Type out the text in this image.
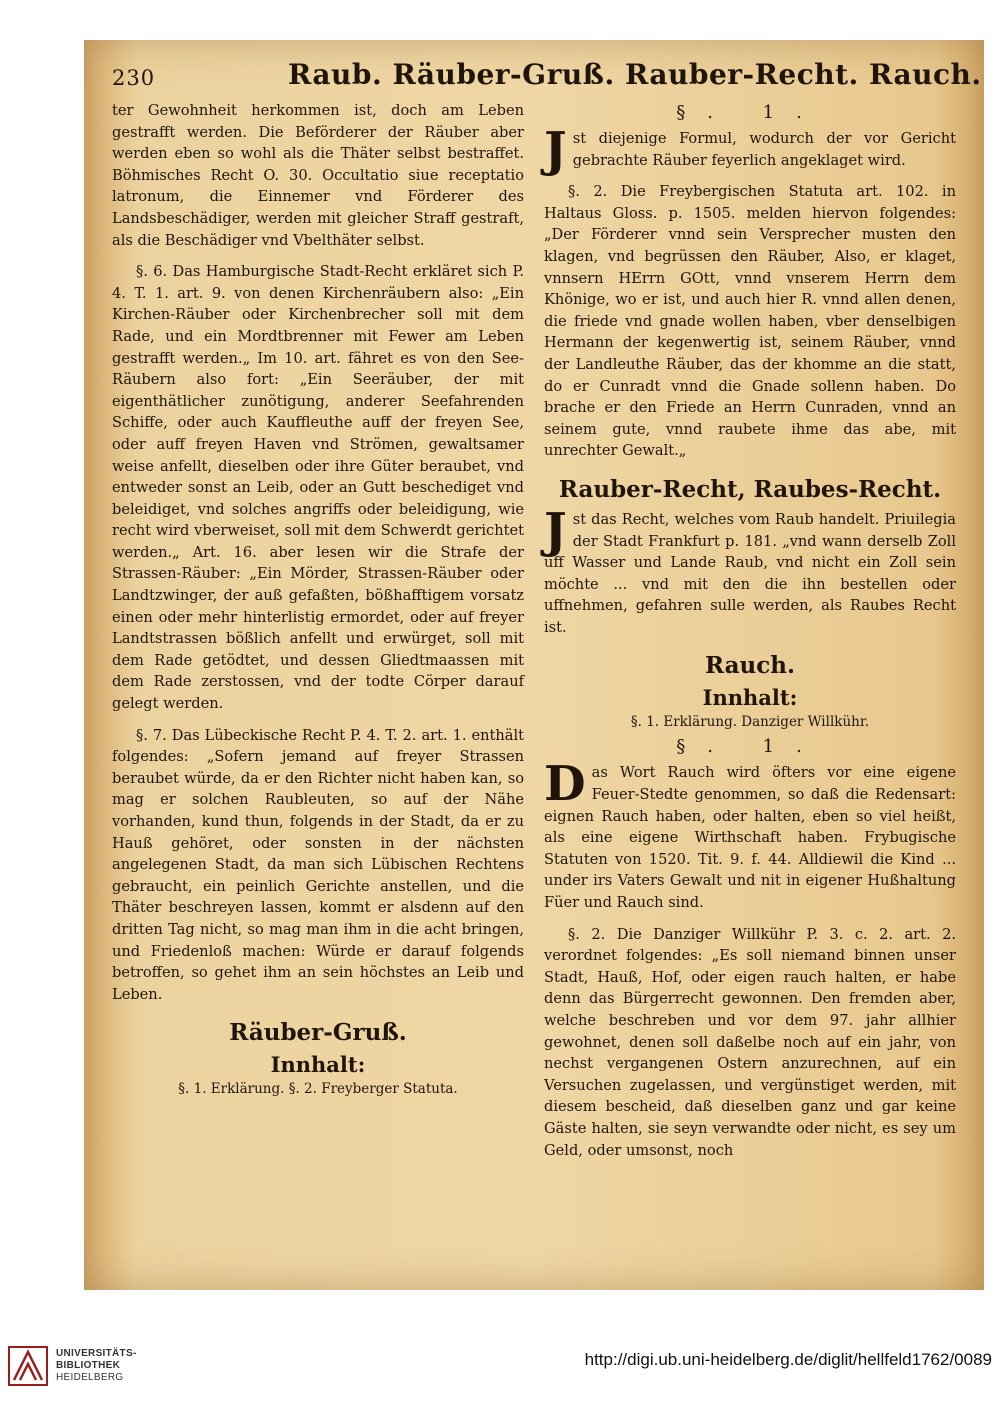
230	Raub. Räuber-Gruß. Rauber-Recht. Rauch.

ter Gewohnheit herkommen ist, doch am Leben gestrafft werden. Die Beförderer der Räuber aber werden eben so wohl als die Thäter selbst bestraffet. Böhmisches Recht O. 30. Occultatio siue receptatio latronum, die Einnemer vnd Förderer des Landsbeschädiger, werden mit gleicher Straff gestraft, als die Beschädiger vnd Vbelthäter selbst.

§. 6. Das Hamburgische Stadt-Recht erkläret sich P. 4. T. 1. art. 9. von denen Kirchenräubern also: „Ein Kirchen-Räuber oder Kirchenbrecher soll mit dem Rade, und ein Mordtbrenner mit Fewer am Leben gestrafft werden.„ Im 10. art. fähret es von den See-Räubern also fort: „Ein Seeräuber, der mit eigenthätlicher zunötigung, anderer Seefahrenden Schiffe, oder auch Kauffleuthe auff der freyen See, oder auff freyen Haven vnd Strömen, gewaltsamer weise anfellt, dieselben oder ihre Güter beraubet, vnd entweder sonst an Leib, oder an Gutt beschediget vnd beleidiget, vnd solches angriffs oder beleidigung, wie recht wird vberweiset, soll mit dem Schwerdt gerichtet werden.„ Art. 16. aber lesen wir die Strafe der Strassen-Räuber: „Ein Mörder, Strassen-Räuber oder Landtzwinger, der auß gefaßten, bößhafftigem vorsatz einen oder mehr hinterlistig ermordet, oder auf freyer Landtstrassen bößlich anfellt und erwürget, soll mit dem Rade getödtet, und dessen Gliedtmaassen mit dem Rade zerstossen, vnd der todte Cörper darauf gelegt werden.

§. 7. Das Lübeckische Recht P. 4. T. 2. art. 1. enthält folgendes: „Sofern jemand auf freyer Strassen beraubet würde, da er den Richter nicht haben kan, so mag er solchen Raubleuten, so auf der Nähe vorhanden, kund thun, folgends in der Stadt, da er zu Hauß gehöret, oder sonsten in der nächsten angelegenen Stadt, da man sich Lübischen Rechtens gebraucht, ein peinlich Gerichte anstellen, und die Thäter beschreyen lassen, kommt er alsdenn auf den dritten Tag nicht, so mag man ihm in die acht bringen, und Friedenloß machen: Würde er darauf folgends betroffen, so gehet ihm an sein höchstes an Leib und Leben.

Räuber-Gruß.
Innhalt:
§. 1. Erklärung. §. 2. Freyberger Statuta.
§. 1.

J st diejenige Formul, wodurch der vor Gericht gebrachte Räuber feyerlich angeklaget wird.

§. 2. Die Freybergischen Statuta art. 102. in Haltaus Gloss. p. 1505. melden hiervon folgendes: „Der Förderer vnnd sein Versprecher musten den klagen, vnd begrüssen den Räuber, Also, er klaget, vnnsern HErrn GOtt, vnnd vnserem Herrn dem Khönige, wo er ist, und auch hier R. vnnd allen denen, die friede vnd gnade wollen haben, vber denselbigen Hermann der kegenwertig ist, seinem Räuber, vnnd der Landleuthe Räuber, das der khomme an die statt, do er Cunradt vnnd die Gnade sollenn haben. Do brache er den Friede an Herrn Cunraden, vnnd an seinem gute, vnnd raubete ihme das abe, mit unrechter Gewalt.„

Rauber-Recht, Raubes-Recht.

J st das Recht, welches vom Raub handelt. Priuilegia der Stadt Frankfurt p. 181. „vnd wann derselb Zoll uff Wasser und Lande Raub, vnd nicht ein Zoll sein möchte ... vnd mit den die ihn bestellen oder uffnehmen, gefahren sulle werden, als Raubes Recht ist.

Rauch.
Innhalt:
§. 1. Erklärung. Danziger Willkühr.
§. 1.

D as Wort Rauch wird öfters vor eine eigene Feuer-Stedte genommen, so daß die Redensart: eignen Rauch haben, oder halten, eben so viel heißt, als eine eigene Wirthschaft haben. Frybugische Statuten von 1520. Tit. 9. f. 44. Alldiewil die Kind ... under irs Vaters Gewalt und nit in eigener Hußhaltung Füer und Rauch sind.

§. 2. Die Danziger Willkühr P. 3. c. 2. art. 2. verordnet folgendes: „Es soll niemand binnen unser Stadt, Hauß, Hof, oder eigen rauch halten, er habe denn das Bürgerrecht gewonnen. Den fremden aber, welche beschreben und vor dem 97. jahr allhier gewohnet, denen soll daßelbe noch auf ein jahr, von nechst vergangenen Ostern anzurechnen, auf ein Versuchen zugelassen, und vergünstiget werden, mit diesem bescheid, daß dieselben ganz und gar keine Gäste halten, sie seyn verwandte oder nicht, es sey um Geld, oder umsonst, noch

UNIVERSITÄTS-
BIBLIOTHEK
HEIDELBERG
http://digi.ub.uni-heidelberg.de/diglit/hellfeld1762/0089
